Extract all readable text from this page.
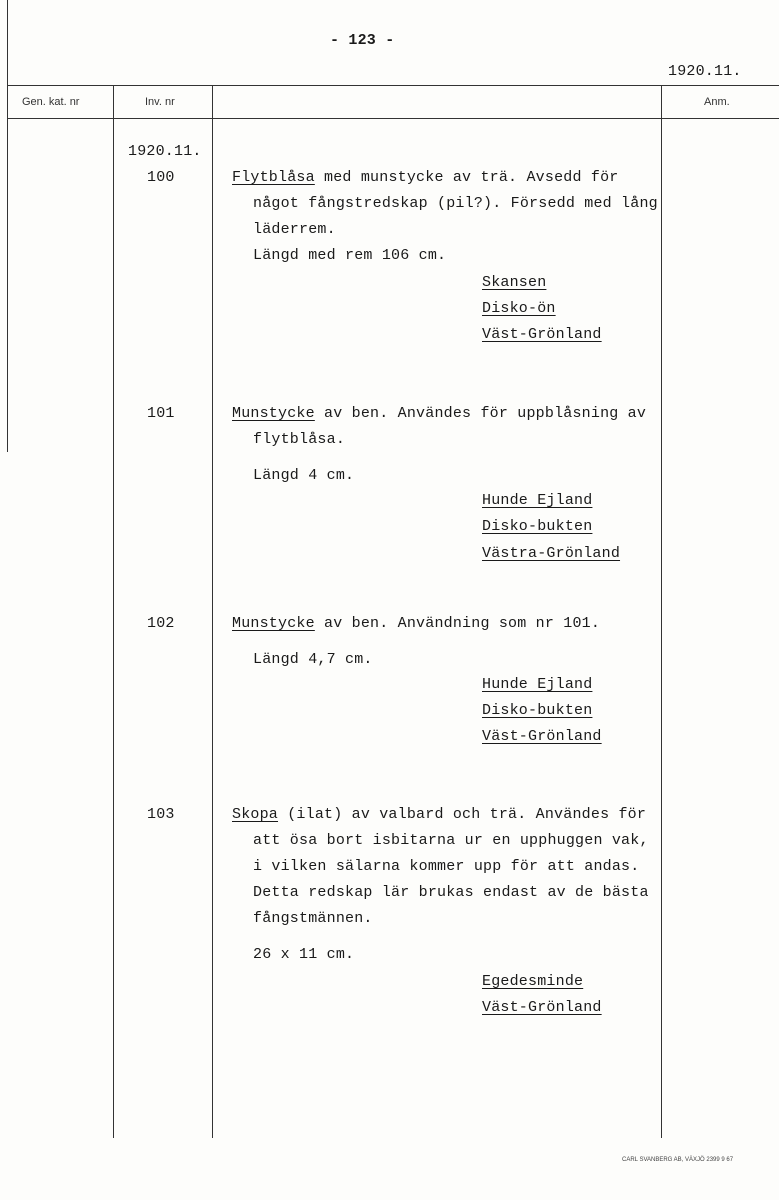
- 123 -
1920.11.
Gen. kat. nr	Inv. nr	Anm.
1920.11.
100	Flytblåsa med munstycke av trä. Avsedd för
något fångstredskap (pil?). Försedd med lång
läderrem.
Längd med rem 106 cm.
Skansen
Disko-ön
Väst-Grönland
101	Munstycke av ben. Användes för uppblåsning av
flytblåsa.
Längd 4 cm.
Hunde Ejland
Disko-bukten
Västra-Grönland
102	Munstycke av ben. Användning som nr 101.
Längd 4,7 cm.
Hunde Ejland
Disko-bukten
Väst-Grönland
103	Skopa (ilat) av valbard och trä. Användes för
att ösa bort isbitarna ur en upphuggen vak,
i vilken sälarna kommer upp för att andas.
Detta redskap lär brukas endast av de bästa
fångstmännen.
26 x 11 cm.
Egedesminde
Väst-Grönland
CARL SVANBERG AB, VÄXJÖ 2399 9 67
